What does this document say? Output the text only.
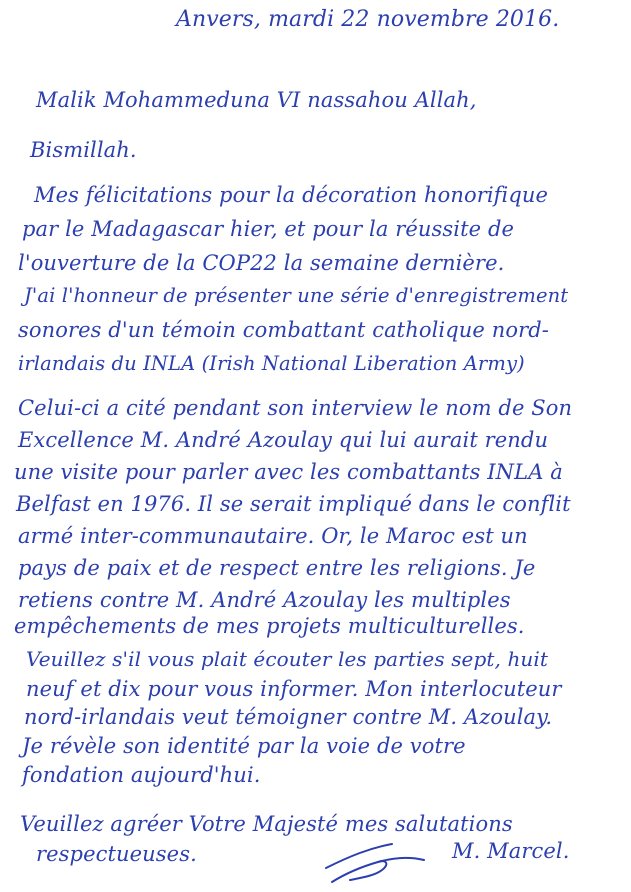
Anvers, mardi 22 novembre 2016.

Malik Mohammeduna VI nassahou Allah,

Bismillah.

Mes félicitations pour la décoration honorifique

par le Madagascar hier, et pour la réussite de

l'ouverture de la COP22 la semaine dernière.

J'ai l'honneur de présenter une série d'enregistrement

sonores d'un témoin combattant catholique nord-

irlandais du INLA (Irish National Liberation Army)

Celui-ci a cité pendant son interview le nom de Son

Excellence M. André Azoulay qui lui aurait rendu

une visite pour parler avec les combattants INLA à

Belfast en 1976. Il se serait impliqué dans le conflit

armé inter-communautaire. Or, le Maroc est un

pays de paix et de respect entre les religions. Je

retiens contre M. André Azoulay les multiples

empêchements de mes projets multiculturelles.

Veuillez s'il vous plait écouter les parties sept, huit

neuf et dix pour vous informer. Mon interlocuteur

nord-irlandais veut témoigner contre M. Azoulay.

Je révèle son identité par la voie de votre

fondation aujourd'hui.

Veuillez agréer Votre Majesté mes salutations

respectueuses.	M. Marcel.
